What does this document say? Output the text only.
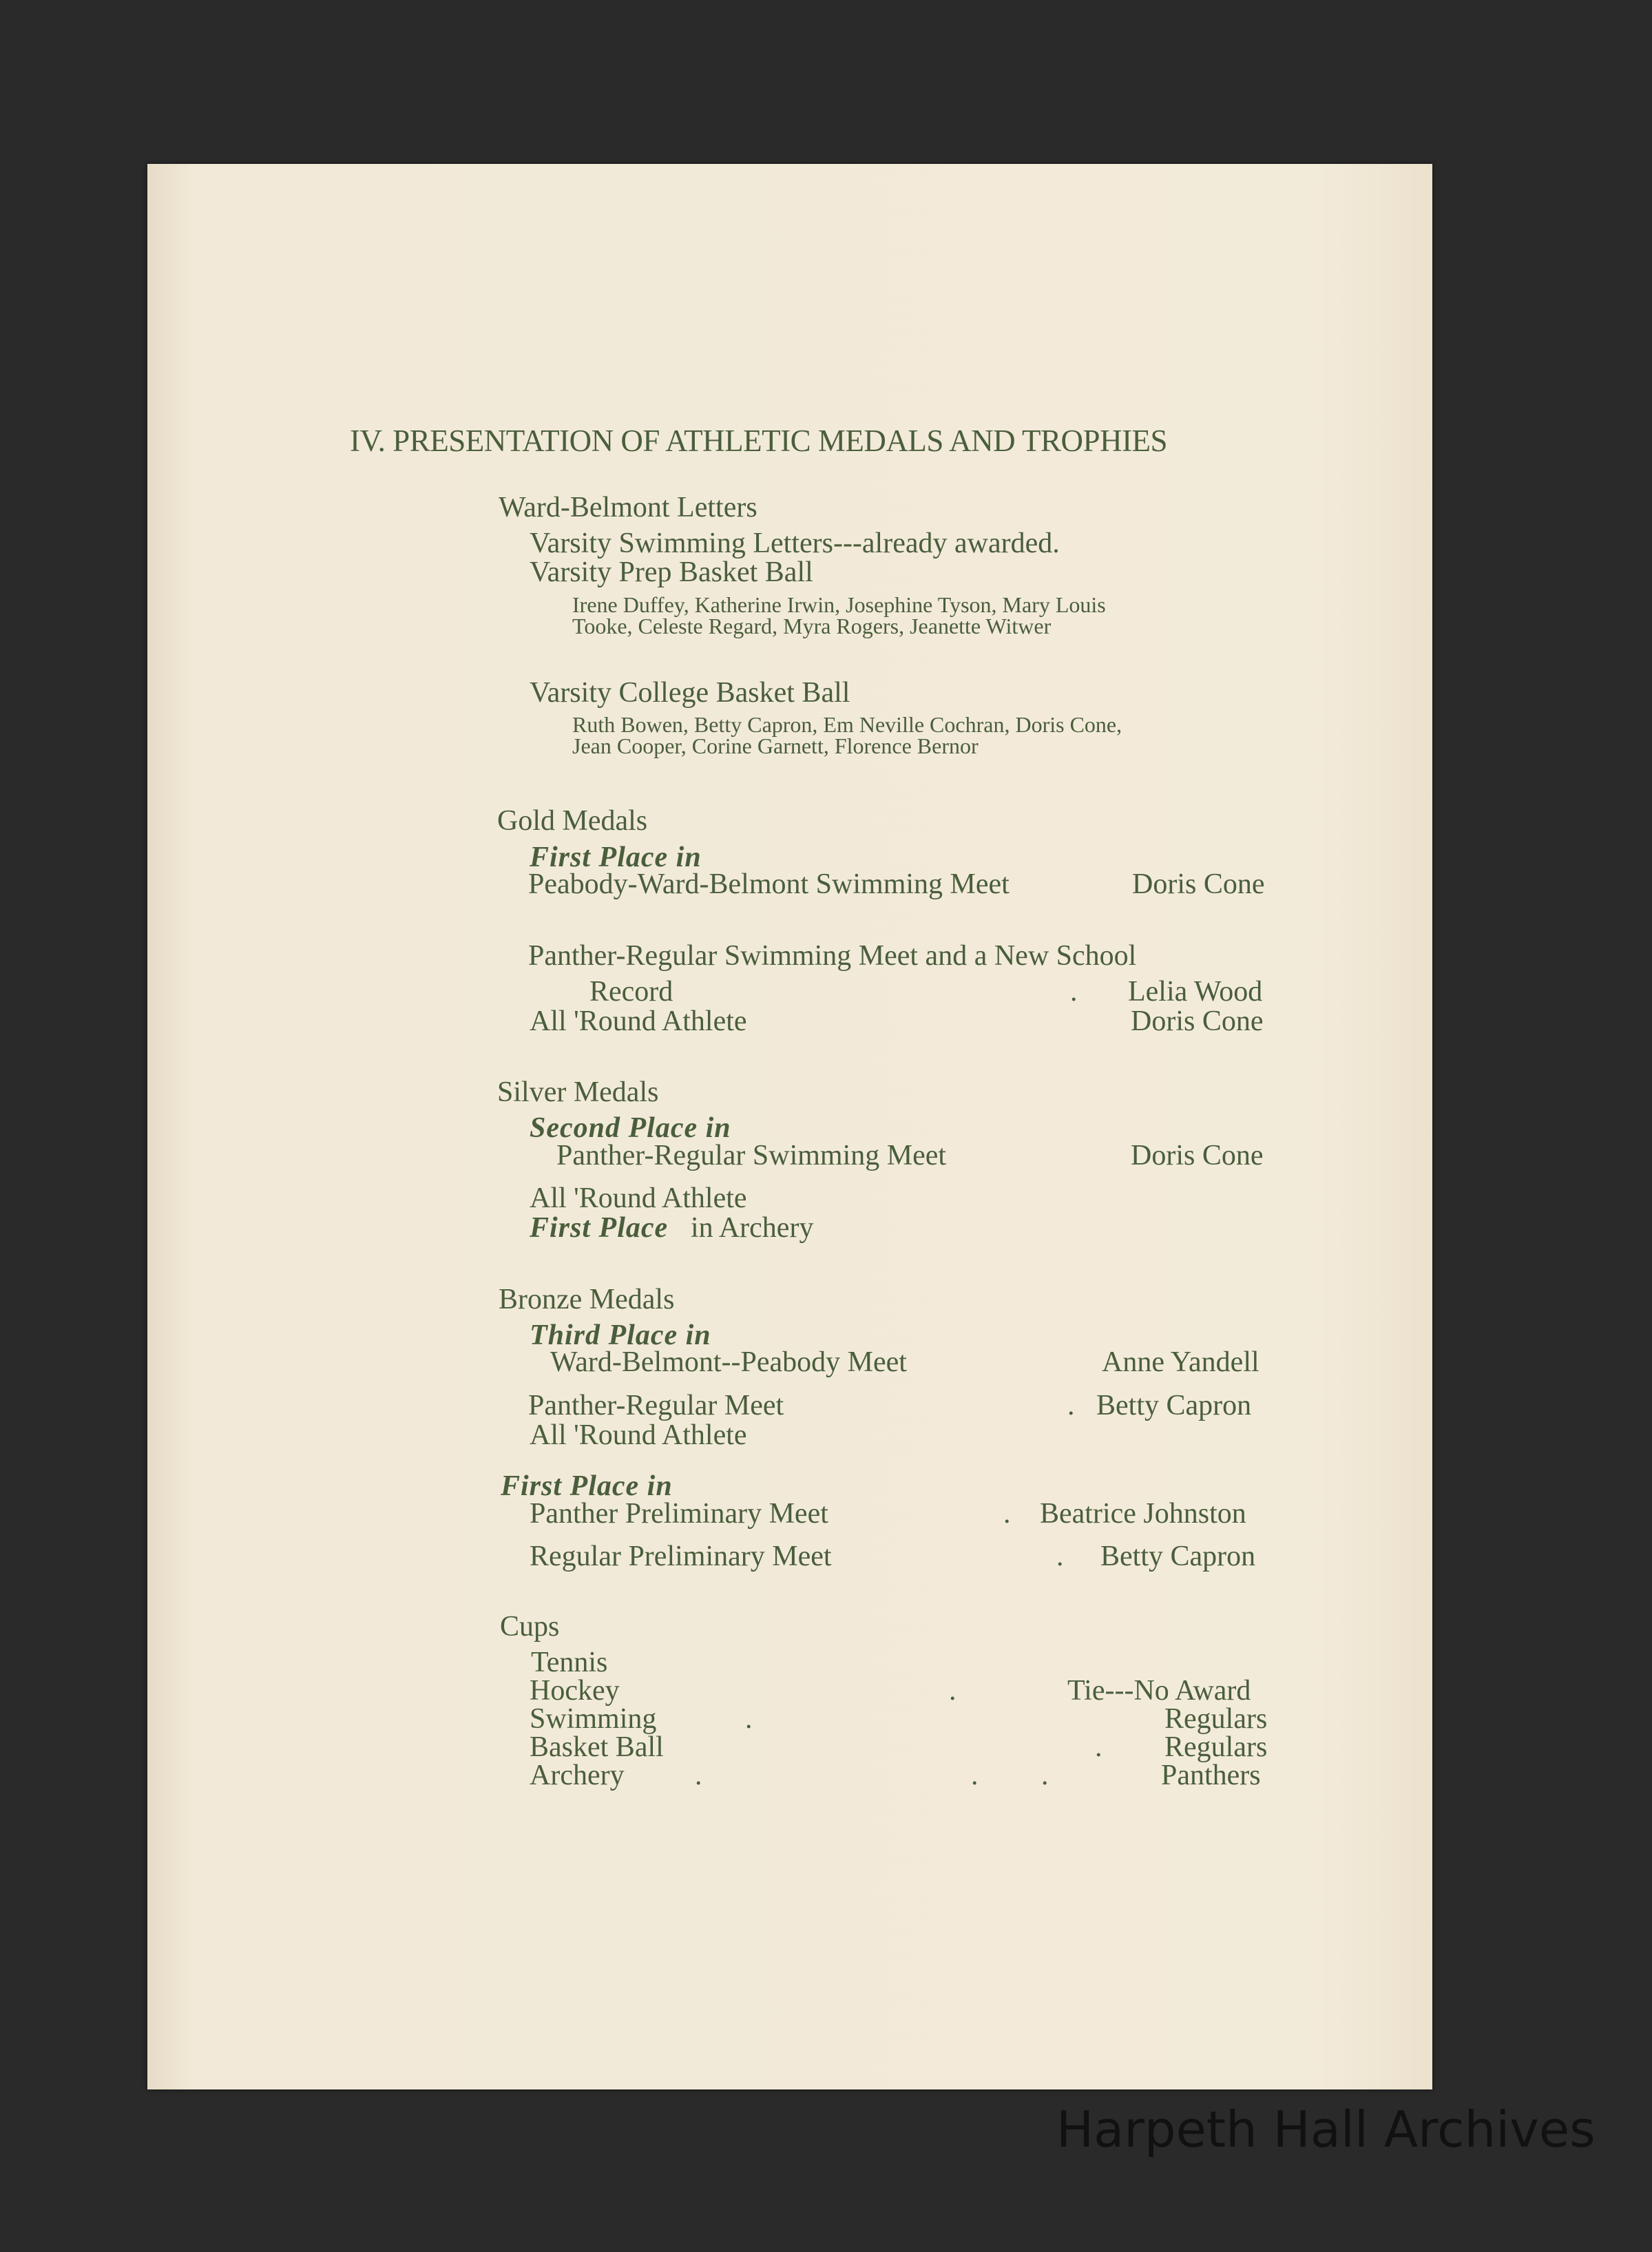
IV. PRESENTATION OF ATHLETIC MEDALS AND TROPHIES
Ward-Belmont Letters
Varsity Swimming Letters---already awarded.
Varsity Prep Basket Ball
Irene Duffey, Katherine Irwin, Josephine Tyson, Mary Louis
Tooke, Celeste Regard, Myra Rogers, Jeanette Witwer
Varsity College Basket Ball
Ruth Bowen, Betty Capron, Em Neville Cochran, Doris Cone,
Jean Cooper, Corine Garnett, Florence Bernor
Gold Medals
First Place in
Peabody-Ward-Belmont Swimming Meet	Doris Cone
Panther-Regular Swimming Meet and a New School
Record	. Lelia Wood
All 'Round Athlete	Doris Cone
Silver Medals
Second Place in
Panther-Regular Swimming Meet	Doris Cone
All 'Round Athlete
First Place in Archery
Bronze Medals
Third Place in
Ward-Belmont--Peabody Meet	Anne Yandell
Panther-Regular Meet	. Betty Capron
All 'Round Athlete
First Place in
Panther Preliminary Meet	. Beatrice Johnston
Regular Preliminary Meet	. Betty Capron
Cups
Tennis
Hockey	.	Tie---No Award
Swimming	.	Regulars
Basket Ball	. Regulars
Archery .	. .	Panthers
Harpeth Hall Archives
